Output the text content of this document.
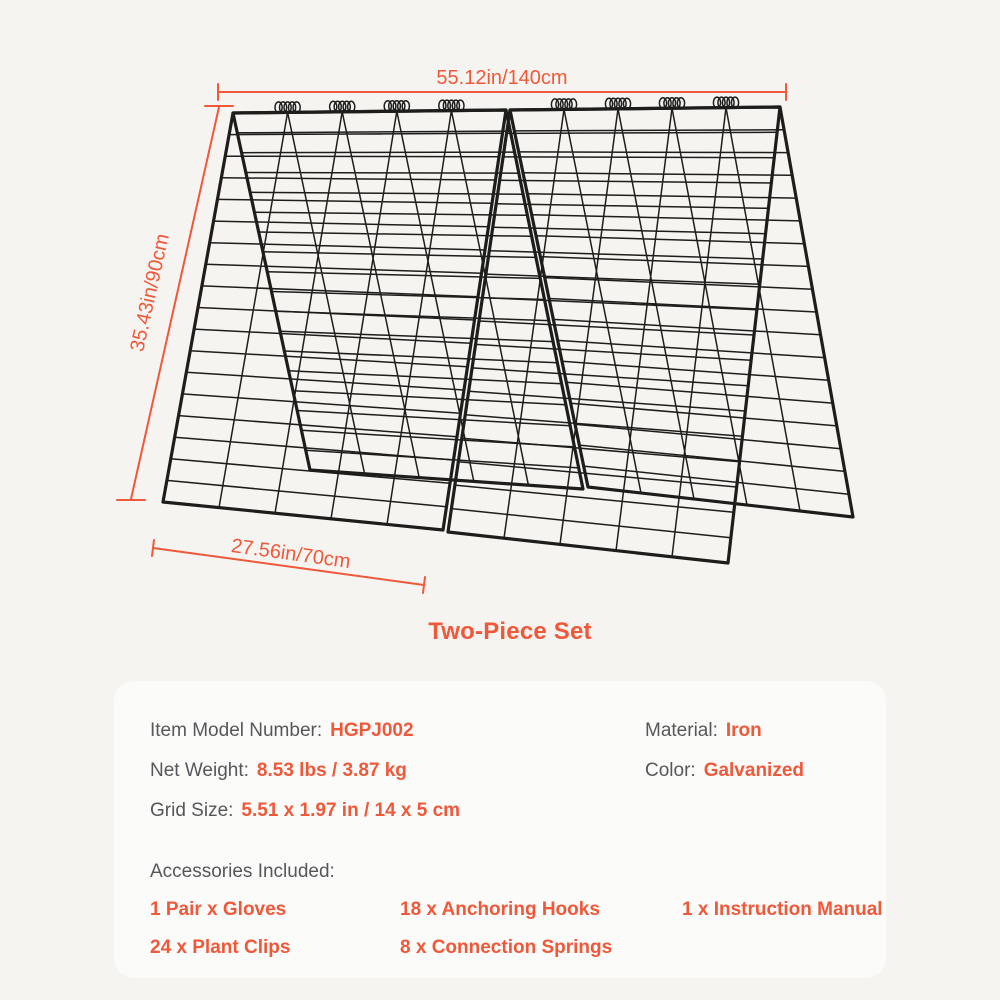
55.12in/140cm
35.43in/90cm
27.56in/70cm
Two-Piece Set
Item Model Number: HGPJ002
Net Weight: 8.53 lbs / 3.87 kg
Grid Size: 5.51 x 1.97 in / 14 x 5 cm
Material: Iron
Color: Galvanized
Accessories Included:
1 Pair x Gloves	18 x Anchoring Hooks	1 x Instruction Manual
24 x Plant Clips	8 x Connection Springs
